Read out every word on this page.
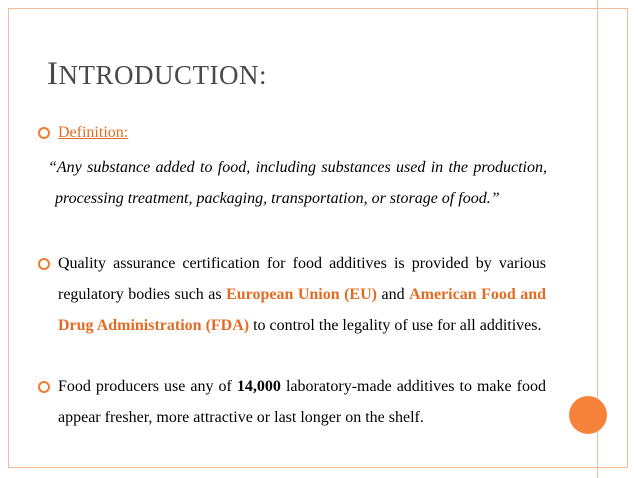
INTRODUCTION:
Definition:
“Any substance added to food, including substances used in the production, processing treatment, packaging, transportation, or storage of food.”
Quality assurance certification for food additives is provided by various regulatory bodies such as European Union (EU) and American Food and Drug Administration (FDA) to control the legality of use for all additives.
Food producers use any of 14,000 laboratory-made additives to make food appear fresher, more attractive or last longer on the shelf.
